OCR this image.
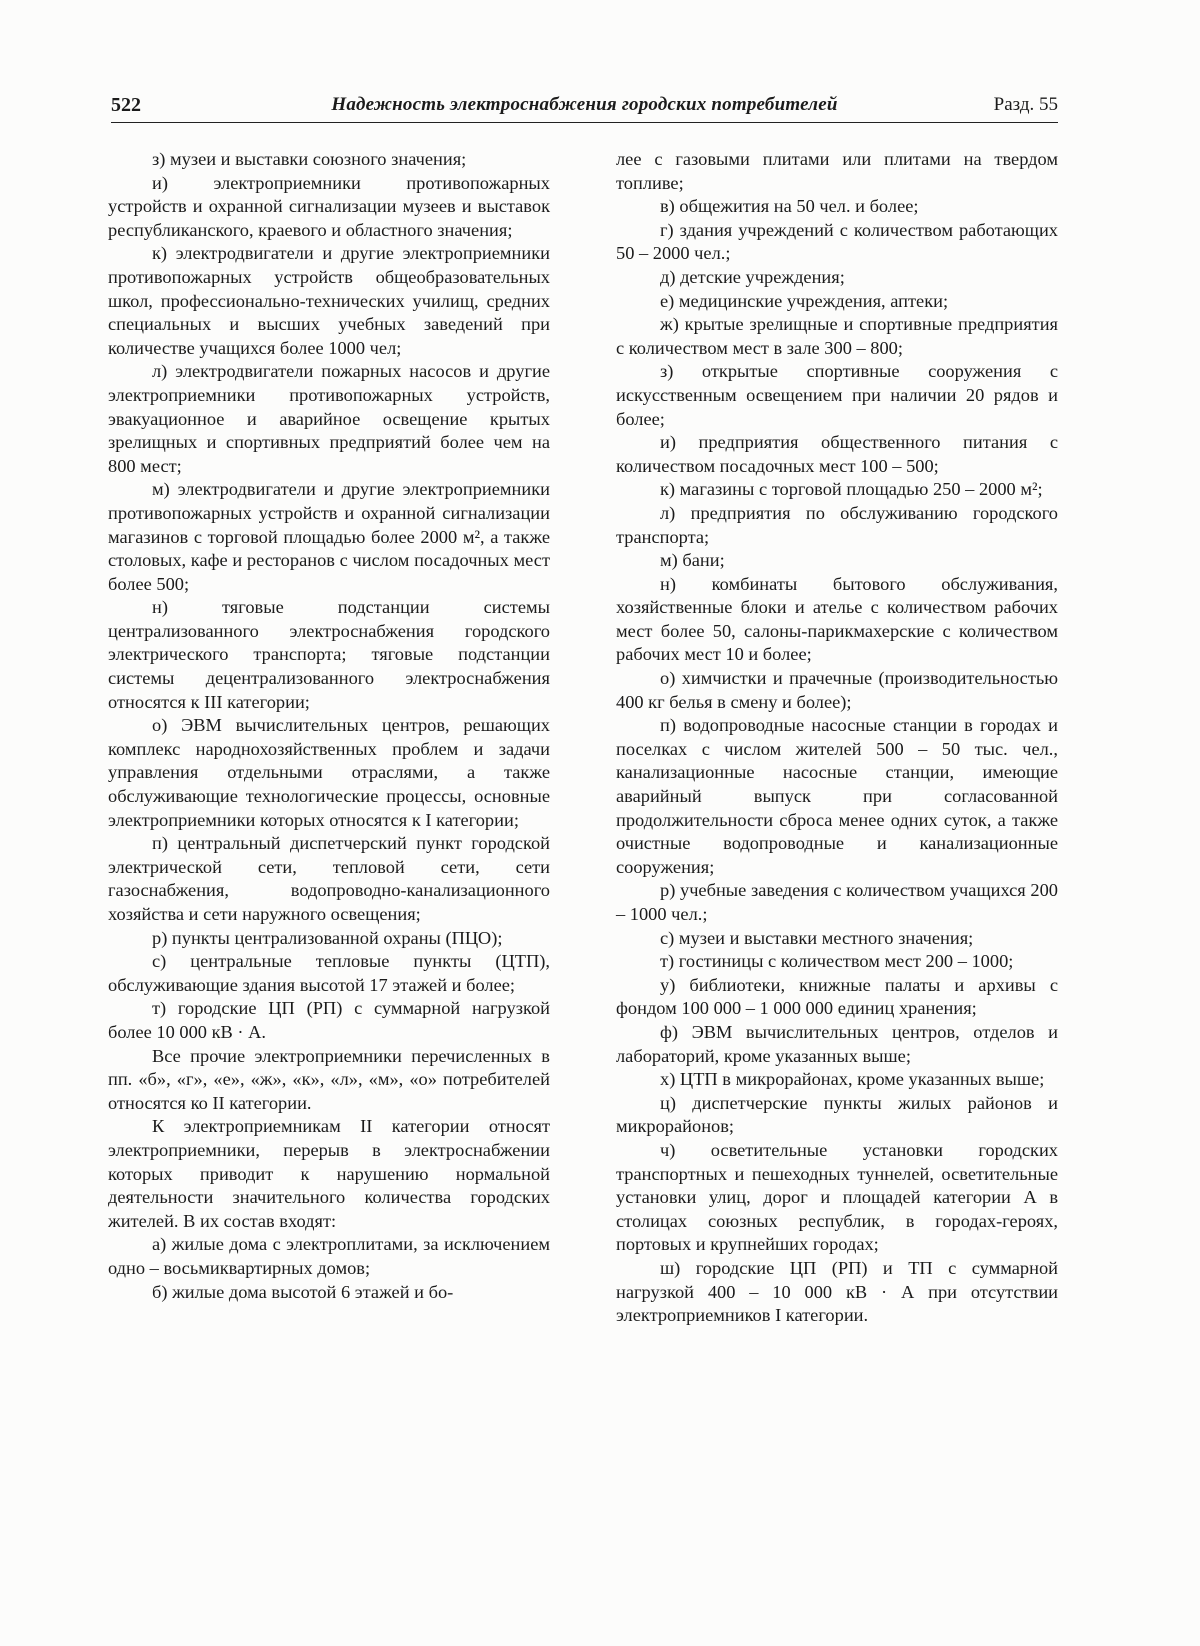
522	Надежность электроснабжения городских потребителей	Разд. 55

з) музеи и выставки союзного значения;

и) электроприемники противопожарных устройств и охранной сигнализации музеев и выставок республиканского, краевого и областного значения;

к) электродвигатели и другие электроприемники противопожарных устройств общеобразовательных школ, профессионально-технических училищ, средних специальных и высших учебных заведений при количестве учащихся более 1000 чел;

л) электродвигатели пожарных насосов и другие электроприемники противопожарных устройств, эвакуационное и аварийное освещение крытых зрелищных и спортивных предприятий более чем на 800 мест;

м) электродвигатели и другие электроприемники противопожарных устройств и охранной сигнализации магазинов с торговой площадью более 2000 м², а также столовых, кафе и ресторанов с числом посадочных мест более 500;

н) тяговые подстанции системы централизованного электроснабжения городского электрического транспорта; тяговые подстанции системы децентрализованного электроснабжения относятся к III категории;

о) ЭВМ вычислительных центров, решающих комплекс народнохозяйственных проблем и задачи управления отдельными отраслями, а также обслуживающие технологические процессы, основные электроприемники которых относятся к I категории;

п) центральный диспетчерский пункт городской электрической сети, тепловой сети, сети газоснабжения, водопроводно-канализационного хозяйства и сети наружного освещения;

р) пункты централизованной охраны (ПЦО);

с) центральные тепловые пункты (ЦТП), обслуживающие здания высотой 17 этажей и более;

т) городские ЦП (РП) с суммарной нагрузкой более 10 000 кВ · А.

Все прочие электроприемники перечисленных в пп. «б», «г», «е», «ж», «к», «л», «м», «о» потребителей относятся ко II категории.

К электроприемникам II категории относят электроприемники, перерыв в электроснабжении которых приводит к нарушению нормальной деятельности значительного количества городских жителей. В их состав входят:

а) жилые дома с электроплитами, за исключением одно – восьмиквартирных домов;

б) жилые дома высотой 6 этажей и бо-

лее с газовыми плитами или плитами на твердом топливе;

в) общежития на 50 чел. и более;

г) здания учреждений с количеством работающих 50 – 2000 чел.;

д) детские учреждения;

е) медицинские учреждения, аптеки;

ж) крытые зрелищные и спортивные предприятия с количеством мест в зале 300 – 800;

з) открытые спортивные сооружения с искусственным освещением при наличии 20 рядов и более;

и) предприятия общественного питания с количеством посадочных мест 100 – 500;

к) магазины с торговой площадью 250 – 2000 м²;

л) предприятия по обслуживанию городского транспорта;

м) бани;

н) комбинаты бытового обслуживания, хозяйственные блоки и ателье с количеством рабочих мест более 50, салоны-парикмахерские с количеством рабочих мест 10 и более;

о) химчистки и прачечные (производительностью 400 кг белья в смену и более);

п) водопроводные насосные станции в городах и поселках с числом жителей 500 – 50 тыс. чел., канализационные насосные станции, имеющие аварийный выпуск при согласованной продолжительности сброса менее одних суток, а также очистные водопроводные и канализационные сооружения;

р) учебные заведения с количеством учащихся 200 – 1000 чел.;

с) музеи и выставки местного значения;

т) гостиницы с количеством мест 200 – 1000;

у) библиотеки, книжные палаты и архивы с фондом 100 000 – 1 000 000 единиц хранения;

ф) ЭВМ вычислительных центров, отделов и лабораторий, кроме указанных выше;

х) ЦТП в микрорайонах, кроме указанных выше;

ц) диспетчерские пункты жилых районов и микрорайонов;

ч) осветительные установки городских транспортных и пешеходных туннелей, осветительные установки улиц, дорог и площадей категории А в столицах союзных республик, в городах-героях, портовых и крупнейших городах;

ш) городские ЦП (РП) и ТП с суммарной нагрузкой 400 – 10 000 кВ · А при отсутствии электроприемников I категории.
